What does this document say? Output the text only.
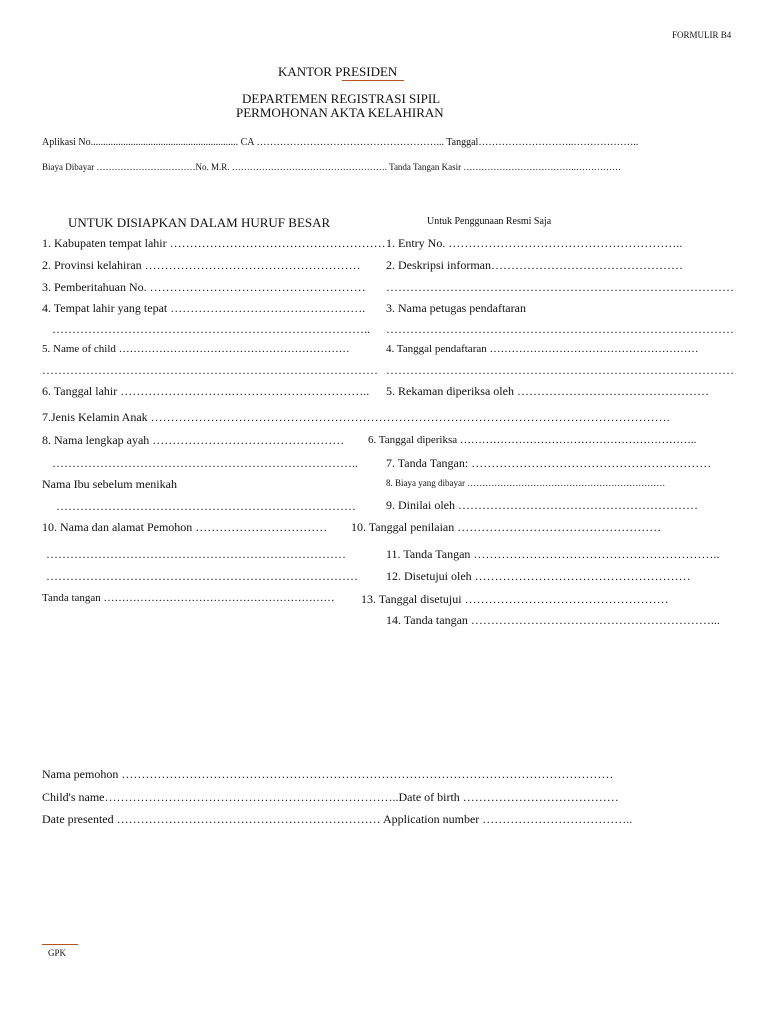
FORMULIR B4
KANTOR PRESIDEN
DEPARTEMEN REGISTRASI SIPIL
PERMOHONAN AKTA KELAHIRAN
Aplikasi No........................................................... CA ………………………………………………... Tanggal………………………..………………..
Biaya Dibayar ……………………………No. M.R. ……………………………………………. Tanda Tangan Kasir ………………………………..……………
UNTUK DISIAPKAN DALAM HURUF BESAR
1. Kabupaten tempat lahir ………………………………………………
2. Provinsi kelahiran ………………………………………………
3. Pemberitahuan No. ………………………………………………
4. Tempat lahir yang tepat ………………………………………….
……………………………………………………………………..
5. Name of child ………………………………………………………
…………………………………………………………………………
6. Tanggal lahir ……………………….……………………………..
7.Jenis Kelamin Anak ………………………………………………………………………………………………………………….
8. Nama lengkap ayah …………………………………………
…………………………………………………………………..
Nama Ibu sebelum menikah
…………………………………………………………………
10. Nama dan alamat Pemohon ……………………………
…………………………………………………………………
……………………………………………………………………
Tanda tangan ………………………………………………………
Untuk Penggunaan Resmi Saja
1. Entry No. …………………………………………………..
2. Deskripsi informan…………………………………………
……………………………………………………………………………
3. Nama petugas pendaftaran
……………………………………………………………………………
4. Tanggal pendaftaran …………………………………………………
……………………………………………………………………………
5. Rekaman diperiksa oleh …………………………………………
6. Tanggal diperiksa ………………………………………………………..
7. Tanda Tangan: ……………………………………………………
8. Biaya yang dibayar …………………………………………………………
9. Dinilai oleh ……………………………………………………
10. Tanggal penilaian ……………………………………………
11. Tanda Tangan ……………………………………………………..
12. Disetujui oleh ………………………………………………
13. Tanggal disetujui ……………………………………………
14. Tanda tangan ……………………………………………………...
Nama pemohon ……………………………………………………………………………………………………………
Child's name………………………………………………………………..Date of birth …………………………………
Date presented ………………………………………………………… Application number ………………………………..
GPK
